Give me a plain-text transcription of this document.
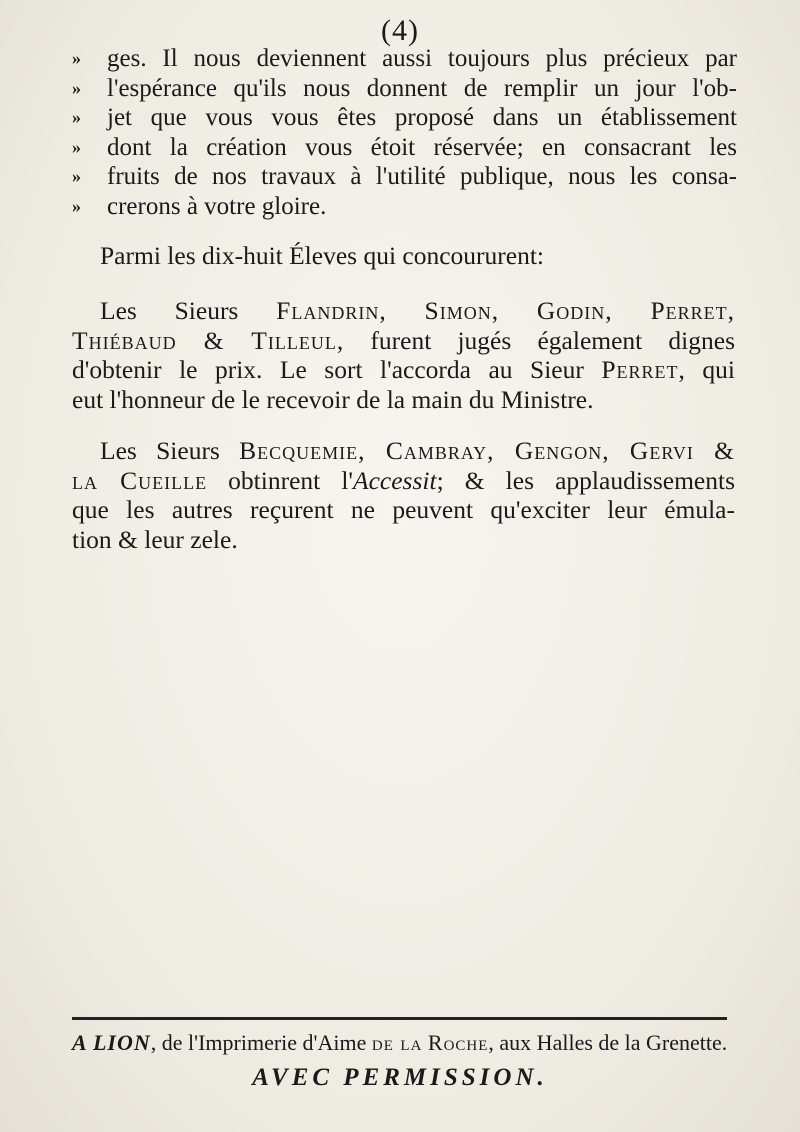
(4)
» ges. Il nous deviennent aussi toujours plus précieux par
» l'espérance qu'ils nous donnent de remplir un jour l'ob-
» jet que vous vous êtes proposé dans un établissement
» dont la création vous étoit réservée; en consacrant les
» fruits de nos travaux à l'utilité publique, nous les consa-
» crerons à votre gloire.
Parmi les dix-huit Éleves qui concoururent:
Les Sieurs Flandrin, Simon, Godin, Perret,
Thiébaud & Tilleul, furent jugés également dignes
d'obtenir le prix. Le sort l'accorda au Sieur Perret, qui
eut l'honneur de le recevoir de la main du Ministre.
Les Sieurs Becquemie, Cambray, Gengon, Gervi &
la Cueille obtinrent l'Accessit; & les applaudissements
que les autres reçurent ne peuvent qu'exciter leur émula-
tion & leur zele.
A LION, de l'Imprimerie d'Aime de la Roche, aux Halles de la Grenette.
AVEC PERMISSION.
